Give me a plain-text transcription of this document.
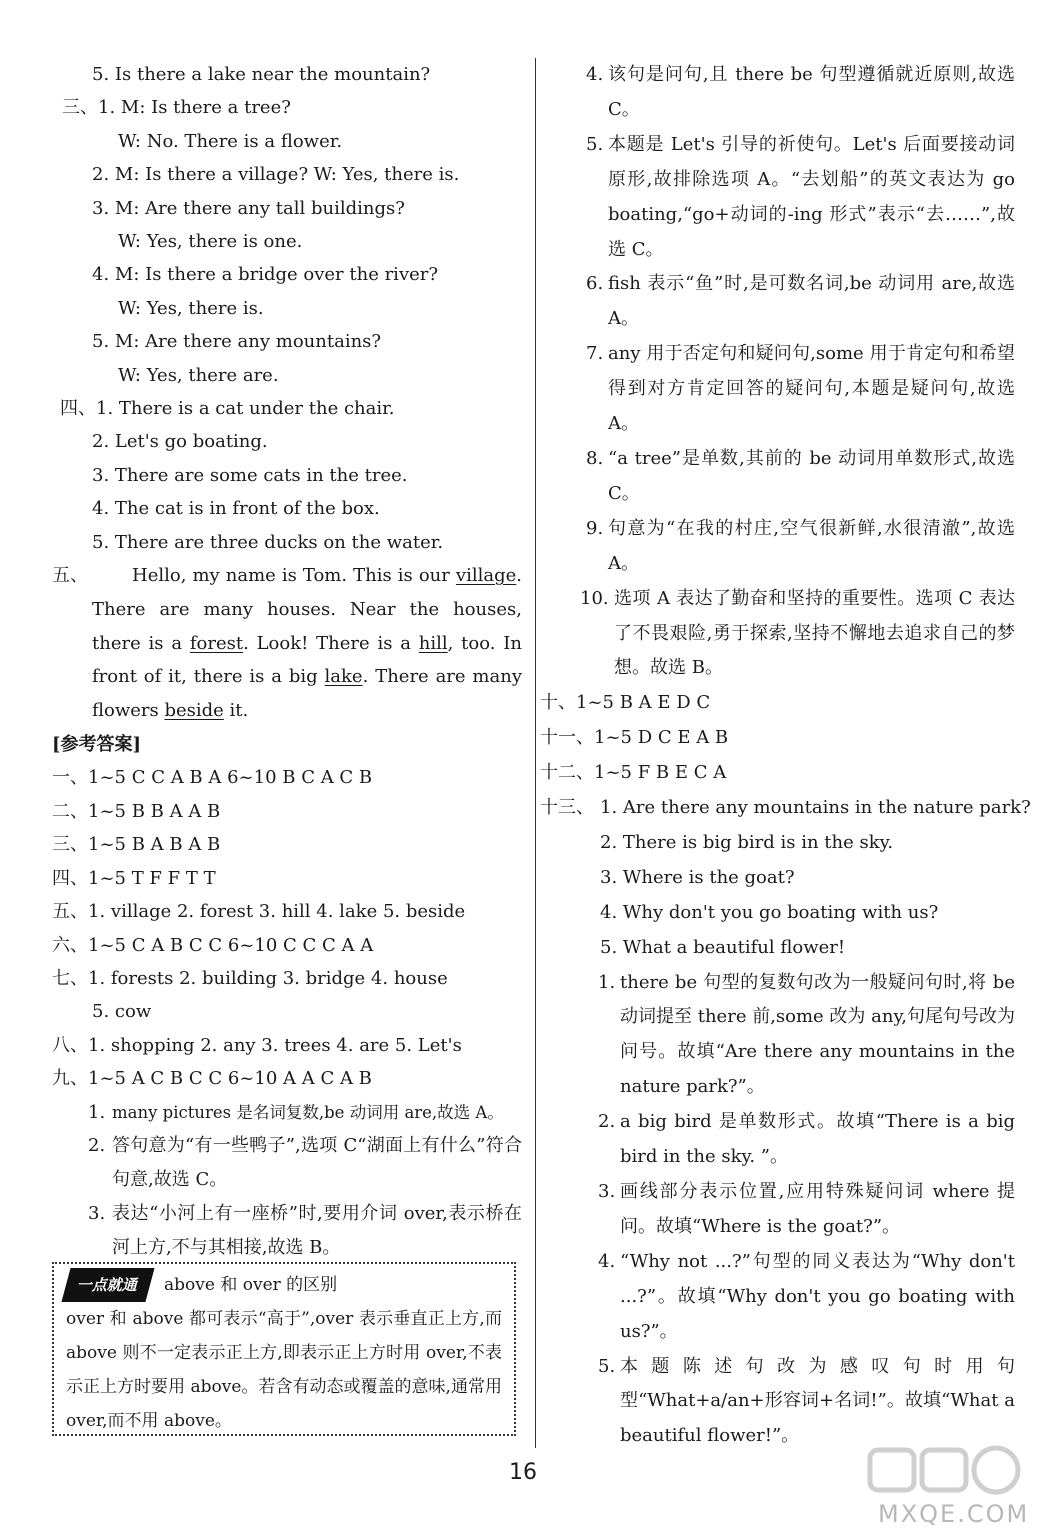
5. Is there a lake near the mountain?
三、1. M: Is there a tree?
W: No. There is a flower.
2. M: Is there a village? W: Yes, there is.
3. M: Are there any tall buildings?
W: Yes, there is one.
4. M: Is there a bridge over the river?
W: Yes, there is.
5. M: Are there any mountains?
W: Yes, there are.
四、1. There is a cat under the chair.
2. Let's go boating.
3. There are some cats in the tree.
4. The cat is in front of the box.
5. There are three ducks on the water.
五、 Hello, my name is Tom. This is our village. There are many houses. Near the houses, there is a forest. Look! There is a hill, too. In front of it, there is a big lake. There are many flowers beside it.
[参考答案]
一、1~5 C C A B A 6~10 B C A C B
二、1~5 B B A A B
三、1~5 B A B A B
四、1~5 T F F T T
五、1. village 2. forest 3. hill 4. lake 5. beside
六、1~5 C A B C C 6~10 C C C A A
七、1. forests 2. building 3. bridge 4. house
5. cow
八、1. shopping 2. any 3. trees 4. are 5. Let's
九、1~5 A C B C C 6~10 A A C A B
1. many pictures 是名词复数,be 动词用 are,故选 A。
2. 答句意为“有一些鸭子”,选项 C“湖面上有什么”符合句意,故选 C。
3. 表达“小河上有一座桥”时,要用介词 over,表示桥在河上方,不与其相接,故选 B。
一点就通 above 和 over 的区别
over 和 above 都可表示“高于”,over 表示垂直正上方,而 above 则不一定表示正上方,即表示正上方时用 over,不表示正上方时要用 above。若含有动态或覆盖的意味,通常用 over,而不用 above。
4. 该句是问句,且 there be 句型遵循就近原则,故选 C。
5. 本题是 Let's 引导的祈使句。Let's 后面要接动词原形,故排除选项 A。“去划船”的英文表达为 go boating,“go+动词的-ing 形式”表示“去……”,故选 C。
6. fish 表示“鱼”时,是可数名词,be 动词用 are,故选 A。
7. any 用于否定句和疑问句,some 用于肯定句和希望得到对方肯定回答的疑问句,本题是疑问句,故选 A。
8. “a tree”是单数,其前的 be 动词用单数形式,故选 C。
9. 句意为“在我的村庄,空气很新鲜,水很清澈”,故选 A。
10. 选项 A 表达了勤奋和坚持的重要性。选项 C 表达了不畏艰险,勇于探索,坚持不懈地去追求自己的梦想。故选 B。
十、1~5 B A E D C
十一、1~5 D C E A B
十二、1~5 F B E C A
十三、 1. Are there any mountains in the nature park?
2. There is big bird is in the sky.
3. Where is the goat?
4. Why don't you go boating with us?
5. What a beautiful flower!
1. there be 句型的复数句改为一般疑问句时,将 be 动词提至 there 前,some 改为 any,句尾句号改为问号。故填“Are there any mountains in the nature park?”。
2. a big bird 是单数形式。故填“There is a big bird in the sky. ”。
3. 画线部分表示位置,应用特殊疑问词 where 提问。故填“Where is the goat?”。
4. “Why not ...?”句型的同义表达为“Why don't ...?”。故填“Why don't you go boating with us?”。
5. 本题陈述句改为感叹句时用句型“What+a/an+形容词+名词!”。故填“What a beautiful flower!”。
16
MXQE.COM
